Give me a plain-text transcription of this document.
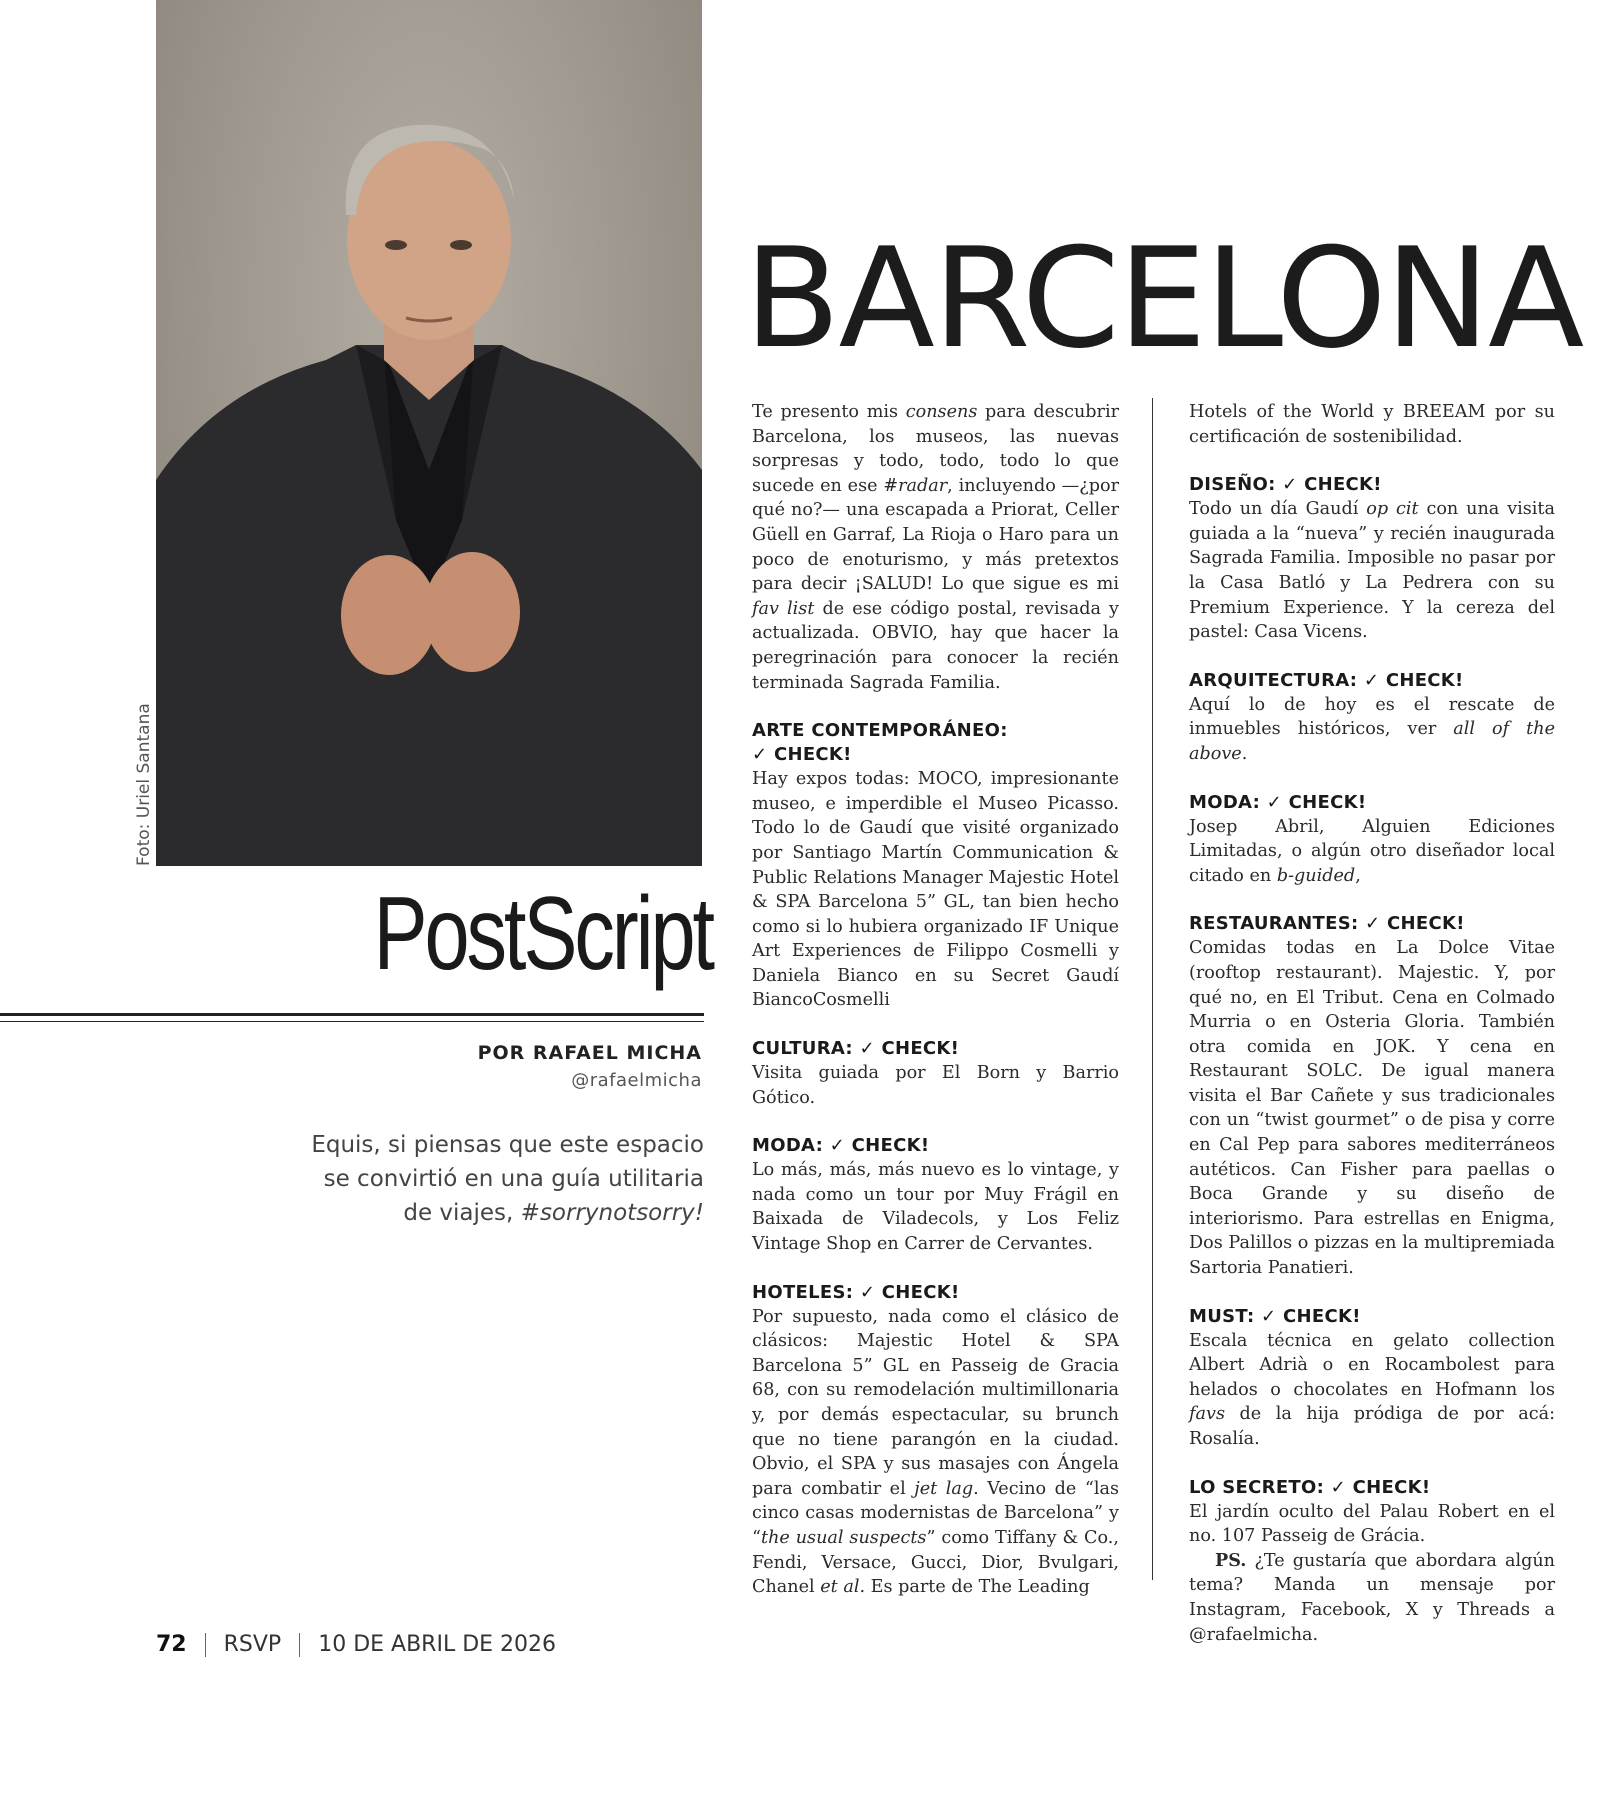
Foto: Uriel Santana
PostScript
POR RAFAEL MICHA
@rafaelmicha
Equis, si piensas que este espacio
se convirtió en una guía utilitaria
de viajes, #sorrynotsorry!
BARCELONA

Te presento mis consens para descubrir Barcelona, los museos, las nuevas sorpresas y todo, todo, todo lo que sucede en ese #radar, incluyendo —¿por qué no?— una escapada a Priorat, Celler Güell en Garraf, La Rioja o Haro para un poco de enoturismo, y más pretextos para decir ¡SALUD! Lo que sigue es mi fav list de ese código postal, revisada y actualizada. OBVIO, hay que hacer la peregrinación para conocer la recién terminada Sagrada Familia.

ARTE CONTEMPORÁNEO:
✓ CHECK!

Hay expos todas: MOCO, impresionante museo, e imperdible el Museo Picasso. Todo lo de Gaudí que visité organizado por Santiago Martín Communication & Public Relations Manager Majestic Hotel & SPA Barcelona 5” GL, tan bien hecho como si lo hubiera organizado IF Unique Art Experiences de Filippo Cosmelli y Daniela Bianco en su Secret Gaudí BiancoCosmelli

CULTURA: ✓ CHECK!

Visita guiada por El Born y Barrio Gótico.

MODA: ✓ CHECK!

Lo más, más, más nuevo es lo vintage, y nada como un tour por Muy Frágil en Baixada de Viladecols, y Los Feliz Vintage Shop en Carrer de Cervantes.

HOTELES: ✓ CHECK!

Por supuesto, nada como el clásico de clásicos: Majestic Hotel & SPA Barcelona 5” GL en Passeig de Gracia 68, con su remodelación multimillonaria y, por demás espectacular, su brunch que no tiene parangón en la ciudad. Obvio, el SPA y sus masajes con Ángela para combatir el jet lag. Vecino de “las cinco casas modernistas de Barcelona” y “the usual suspects” como Tiffany & Co., Fendi, Versace, Gucci, Dior, Bvulgari, Chanel et al. Es parte de The Leading

Hotels of the World y BREEAM por su certificación de sostenibilidad.

DISEÑO: ✓ CHECK!

Todo un día Gaudí op cit con una visita guiada a la “nueva” y recién inaugurada Sagrada Familia. Imposible no pasar por la Casa Batló y La Pedrera con su Premium Experience. Y la cereza del pastel: Casa Vicens.

ARQUITECTURA: ✓ CHECK!

Aquí lo de hoy es el rescate de inmuebles históricos, ver all of the above.

MODA: ✓ CHECK!

Josep Abril, Alguien Ediciones Limitadas, o algún otro diseñador local citado en b-guided,

RESTAURANTES: ✓ CHECK!

Comidas todas en La Dolce Vitae (rooftop restaurant). Majestic. Y, por qué no, en El Tribut. Cena en Colmado Murria o en Osteria Gloria. También otra comida en JOK. Y cena en Restaurant SOLC. De igual manera visita el Bar Cañete y sus tradicionales con un “twist gourmet” o de pisa y corre en Cal Pep para sabores mediterráneos autéticos. Can Fisher para paellas o Boca Grande y su diseño de interiorismo. Para estrellas en Enigma, Dos Palillos o pizzas en la multipremiada Sartoria Panatieri.

MUST: ✓ CHECK!

Escala técnica en gelato collection Albert Adrià o en Rocambolest para helados o chocolates en Hofmann los favs de la hija pródiga de por acá: Rosalía.

LO SECRETO: ✓ CHECK!

El jardín oculto del Palau Robert en el no. 107 Passeig de Grácia.

PS. ¿Te gustaría que abordara algún tema? Manda un mensaje por Instagram, Facebook, X y Threads a @rafaelmicha.

72 RSVP 10 DE ABRIL DE 2026
